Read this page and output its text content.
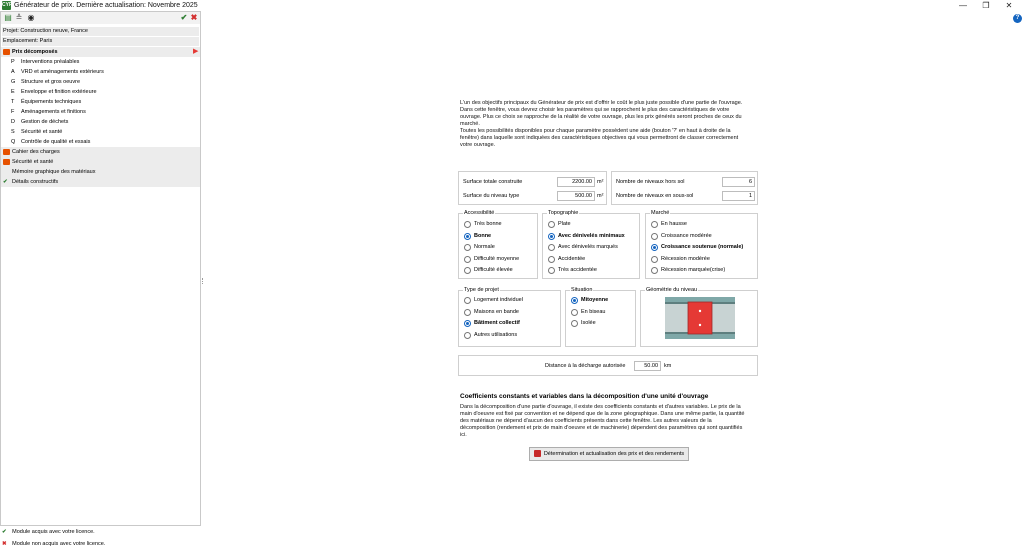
CYPE
Générateur de prix. Dernière actualisation: Novembre 2025	—	❐	✕
?
▤ ≙ ◉	✔ ✖
Projet: Construction neuve, France
Emplacement: Paris
Prix décomposés	▶
P	Interventions préalables
A	VRD et aménagements extérieurs
G	Structure et gros oeuvre
E	Enveloppe et finition extérieure
T	Équipements techniques
F	Aménagements et finitions
D	Gestion de déchets
S	Sécurité et santé
Q	Contrôle de qualité et essais
Cahier des charges
Sécurité et santé
Mémoire graphique des matériaux
✔ Détails constructifs
✔ Module acquis avec votre licence.
✖ Module non acquis avec votre licence.
L'un des objectifs principaux du Générateur de prix est d'offrir le coût le plus juste possible d'une partie de l'ouvrage.
Dans cette fenêtre, vous devrez choisir les paramètres qui se rapprochent le plus des caractéristiques de votre
ouvrage. Plus ce choix se rapproche de la réalité de votre ouvrage, plus les prix générés seront proches de ceux du
marché.
Toutes les possibilités disponibles pour chaque paramètre possèdent une aide (bouton '?' en haut à droite de la
fenêtre) dans laquelle sont indiquées des caractéristiques objectives qui vous permettront de classer correctement
votre ouvrage.
Surface totale construite	2200.00 m²
Surface du niveau type	500.00 m²
Nombre de niveaux hors sol	6
Nombre de niveaux en sous-sol	1
Accessibilité
Très bonne
Bonne
Normale
Difficulté moyenne
Difficulté élevée
Topographie
Plate
Avec dénivelés minimaux
Avec dénivelés marqués
Accidentée
Très accidentée
Marché
En hausse
Croissance modérée
Croissance soutenue (normale)
Récession modérée
Récession marquée(crise)
Type de projet
Logement individuel
Maisons en bande
Bâtiment collectif
Autres utilisations
Situation
Mitoyenne
En biseau
Isolée
Géométrie du niveau
Distance à la décharge autorisée	50.00	km
Coefficients constants et variables dans la décomposition d'une unité d'ouvrage
Dans la décomposition d'une partie d'ouvrage, il existe des coefficients constants et d'autres variables. Le prix de la
main d'oeuvre est fixé par convention et ne dépend que de la zone géographique. Dans une même partie, la quantité
des matériaux ne dépend d'aucun des coefficients présents dans cette fenêtre. Les autres valeurs de la
décomposition (rendement et prix de main d'oeuvre et de machinerie) dépendent des paramètres qui sont quantifiés
ici.
Détermination et actualisation des prix et des rendements
